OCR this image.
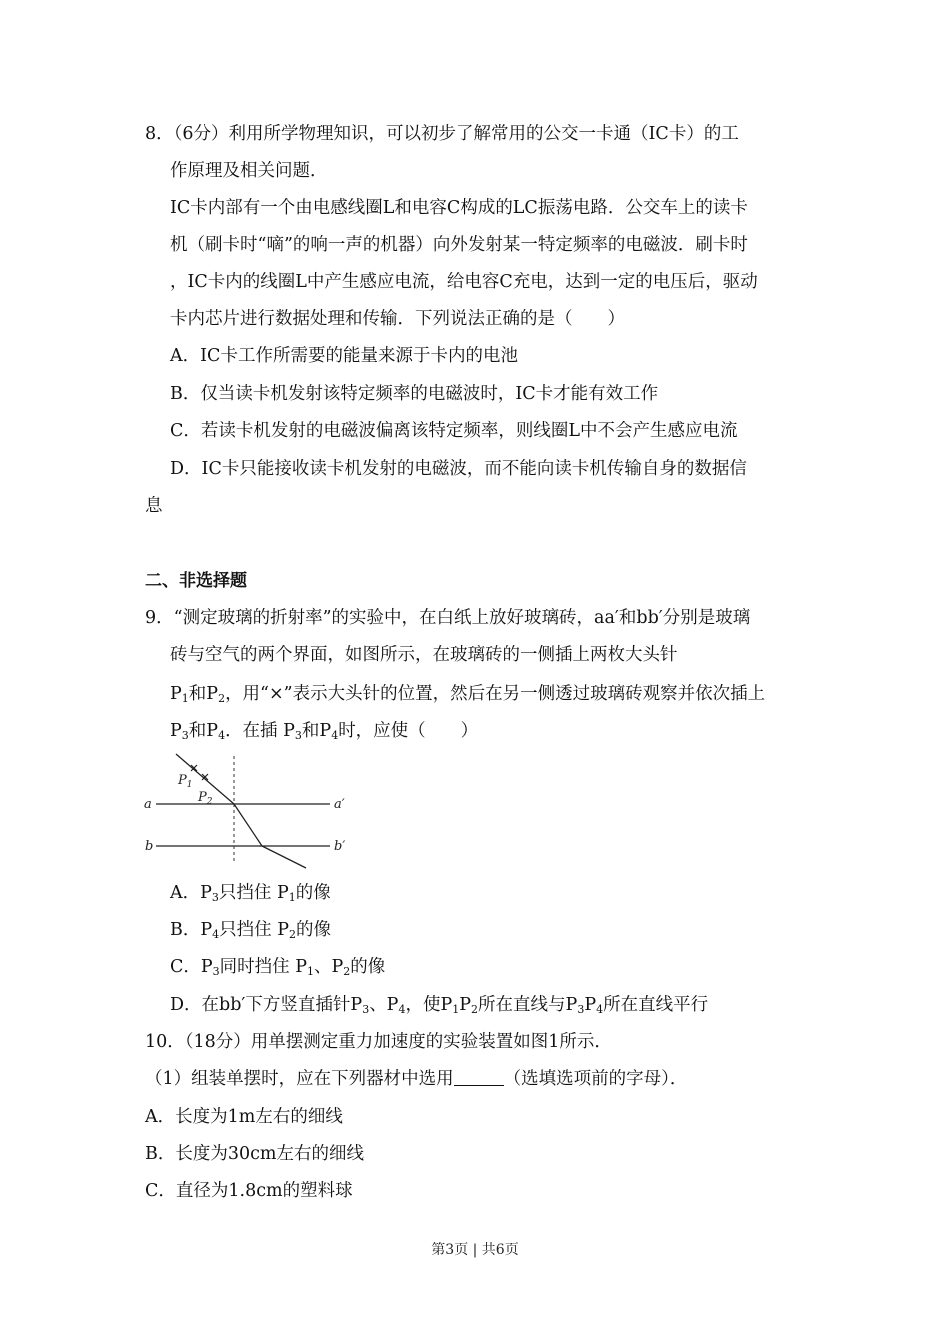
8．（6分）利用所学物理知识，可以初步了解常用的公交一卡通（IC卡）的工
作原理及相关问题．
IC卡内部有一个由电感线圈L和电容C构成的LC振荡电路．公交车上的读卡
机（刷卡时“嘀”的响一声的机器）向外发射某一特定频率的电磁波．刷卡时
，IC卡内的线圈L中产生感应电流，给电容C充电，达到一定的电压后，驱动
卡内芯片进行数据处理和传输．下列说法正确的是（　　）
A．IC卡工作所需要的能量来源于卡内的电池
B．仅当读卡机发射该特定频率的电磁波时，IC卡才能有效工作
C．若读卡机发射的电磁波偏离该特定频率，则线圈L中不会产生感应电流
D．IC卡只能接收读卡机发射的电磁波，而不能向读卡机传输自身的数据信
息
二、非选择题
9．“测定玻璃的折射率”的实验中，在白纸上放好玻璃砖，aa′和bb′分别是玻璃
砖与空气的两个界面，如图所示，在玻璃砖的一侧插上两枚大头针
$P_1$和$P_2$，用“×”表示大头针的位置，然后在另一侧透过玻璃砖观察并依次插上
$P_3$和$P_4$．在插 $P_3$和$P_4$时，应使（　　）
$P_1$
$P_2$
a	a′
b	b′
A．$P_3$只挡住 $P_1$的像
B．$P_4$只挡住 $P_2$的像
C．$P_3$同时挡住 $P_1$、$P_2$的像
D．在bb′下方竖直插针$P_3$、$P_4$，使$P_1P_2$所在直线与$P_3P_4$所在直线平行
10．（18分）用单摆测定重力加速度的实验装置如图1所示．
（1）组装单摆时，应在下列器材中选用	（选填选项前的字母）．
A．长度为1m左右的细线
B．长度为30cm左右的细线
C．直径为1.8cm的塑料球
第3页 | 共6页
